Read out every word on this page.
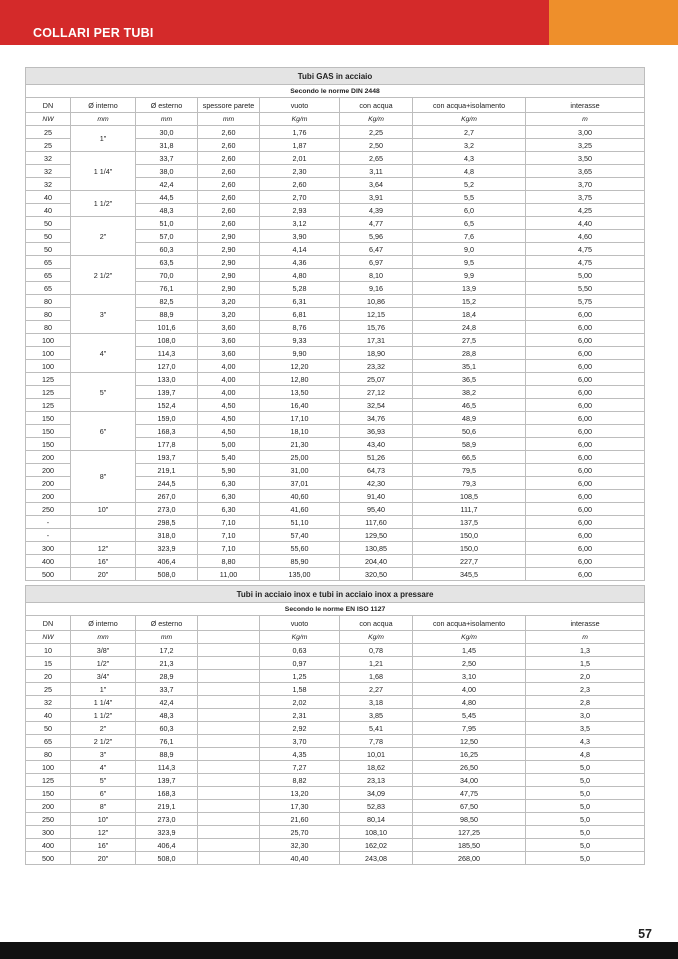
COLLARI PER TUBI
Tubi GAS in acciaio							
Secondo le norme DIN 2448							
DN	Ø interno	Ø esterno	spessore parete	vuoto	con acqua	con acqua+isolamento	interasse
NW	mm	mm	mm	Kg/m	Kg/m	Kg/m	m
25	1"	30,0	2,60	1,76	2,25	2,7	3,00
25		31,8	2,60	1,87	2,50	3,2	3,25
32	1 1/4"	33,7	2,60	2,01	2,65	4,3	3,50
32		38,0	2,60	2,30	3,11	4,8	3,65
32		42,4	2,60	2,60	3,64	5,2	3,70
40	1 1/2"	44,5	2,60	2,70	3,91	5,5	3,75
40		48,3	2,60	2,93	4,39	6,0	4,25
50	2"	51,0	2,60	3,12	4,77	6,5	4,40
50		57,0	2,90	3,90	5,96	7,6	4,60
50		60,3	2,90	4,14	6,47	9,0	4,75
65	2 1/2"	63,5	2,90	4,36	6,97	9,5	4,75
65		70,0	2,90	4,80	8,10	9,9	5,00
65		76,1	2,90	5,28	9,16	13,9	5,50
80	3"	82,5	3,20	6,31	10,86	15,2	5,75
80		88,9	3,20	6,81	12,15	18,4	6,00
80		101,6	3,60	8,76	15,76	24,8	6,00
100	4"	108,0	3,60	9,33	17,31	27,5	6,00
100		114,3	3,60	9,90	18,90	28,8	6,00
100		127,0	4,00	12,20	23,32	35,1	6,00
125	5"	133,0	4,00	12,80	25,07	36,5	6,00
125		139,7	4,00	13,50	27,12	38,2	6,00
125		152,4	4,50	16,40	32,54	46,5	6,00
150	6"	159,0	4,50	17,10	34,76	48,9	6,00
150		168,3	4,50	18,10	36,93	50,6	6,00
150		177,8	5,00	21,30	43,40	58,9	6,00
200	8"	193,7	5,40	25,00	51,26	66,5	6,00
200		219,1	5,90	31,00	64,73	79,5	6,00
200		244,5	6,30	37,01	42,30	79,3	6,00
200		267,0	6,30	40,60	91,40	108,5	6,00
250	10"	273,0	6,30	41,60	95,40	111,7	6,00
-		298,5	7,10	51,10	117,60	137,5	6,00
-		318,0	7,10	57,40	129,50	150,0	6,00
300	12"	323,9	7,10	55,60	130,85	150,0	6,00
400	16"	406,4	8,80	85,90	204,40	227,7	6,00
500	20"	508,0	11,00	135,00	320,50	345,5	6,00
Tubi in acciaio inox e tubi in acciaio inox a pressare							
Secondo le norme EN ISO 1127							
DN	Ø interno	Ø esterno		vuoto	con acqua	con acqua+isolamento	interasse
NW	mm	mm		Kg/m	Kg/m	Kg/m	m
10	3/8"	17,2		0,63	0,78	1,45	1,3
15	1/2"	21,3		0,97	1,21	2,50	1,5
20	3/4"	28,9		1,25	1,68	3,10	2,0
25	1"	33,7		1,58	2,27	4,00	2,3
32	1 1/4"	42,4		2,02	3,18	4,80	2,8
40	1 1/2"	48,3		2,31	3,85	5,45	3,0
50	2"	60,3		2,92	5,41	7,95	3,5
65	2 1/2"	76,1		3,70	7,78	12,50	4,3
80	3"	88,9		4,35	10,01	16,25	4,8
100	4"	114,3		7,27	18,62	26,50	5,0
125	5"	139,7		8,82	23,13	34,00	5,0
150	6"	168,3		13,20	34,09	47,75	5,0
200	8"	219,1		17,30	52,83	67,50	5,0
250	10"	273,0		21,60	80,14	98,50	5,0
300	12"	323,9		25,70	108,10	127,25	5,0
400	16"	406,4		32,30	162,02	185,50	5,0
500	20"	508,0		40,40	243,08	268,00	5,0
57
